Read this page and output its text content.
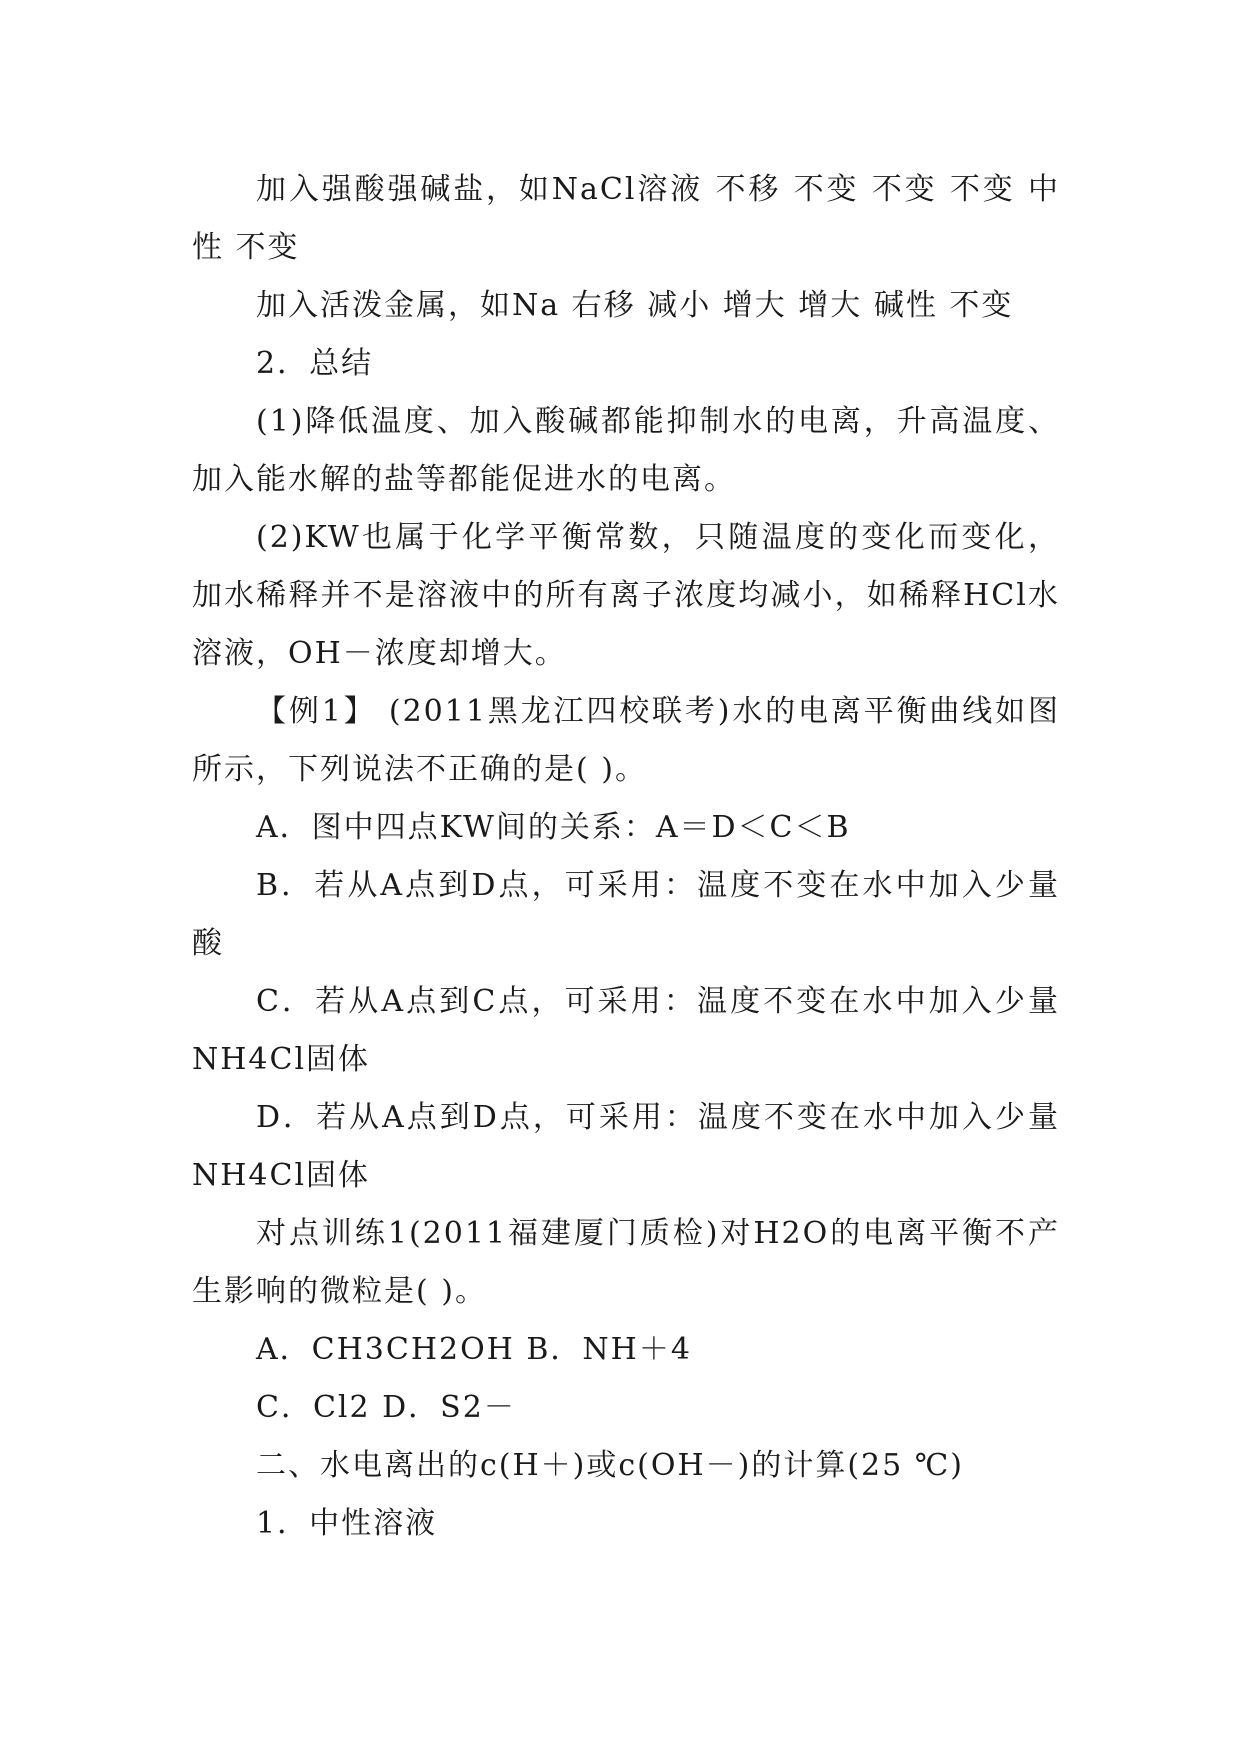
加入强酸强碱盐，如NaCl溶液 不移 不变 不变 不变 中性 不变

加入活泼金属，如Na 右移 减小 增大 增大 碱性 不变

2．总结

(1)降低温度、加入酸碱都能抑制水的电离，升高温度、加入能水解的盐等都能促进水的电离。

(2)KW也属于化学平衡常数，只随温度的变化而变化，加水稀释并不是溶液中的所有离子浓度均减小，如稀释HCl水溶液，OH－浓度却增大。

【例1】 (2011黑龙江四校联考)水的电离平衡曲线如图所示，下列说法不正确的是( )。

A．图中四点KW间的关系：A＝D＜C＜B

B．若从A点到D点，可采用：温度不变在水中加入少量酸

C．若从A点到C点，可采用：温度不变在水中加入少量NH4Cl固体

D．若从A点到D点，可采用：温度不变在水中加入少量NH4Cl固体

对点训练1(2011福建厦门质检)对H2O的电离平衡不产生影响的微粒是( )。

A．CH3CH2OH B．NH＋4

C．Cl2 D．S2－

二、水电离出的c(H＋)或c(OH－)的计算(25 ℃)

1．中性溶液
